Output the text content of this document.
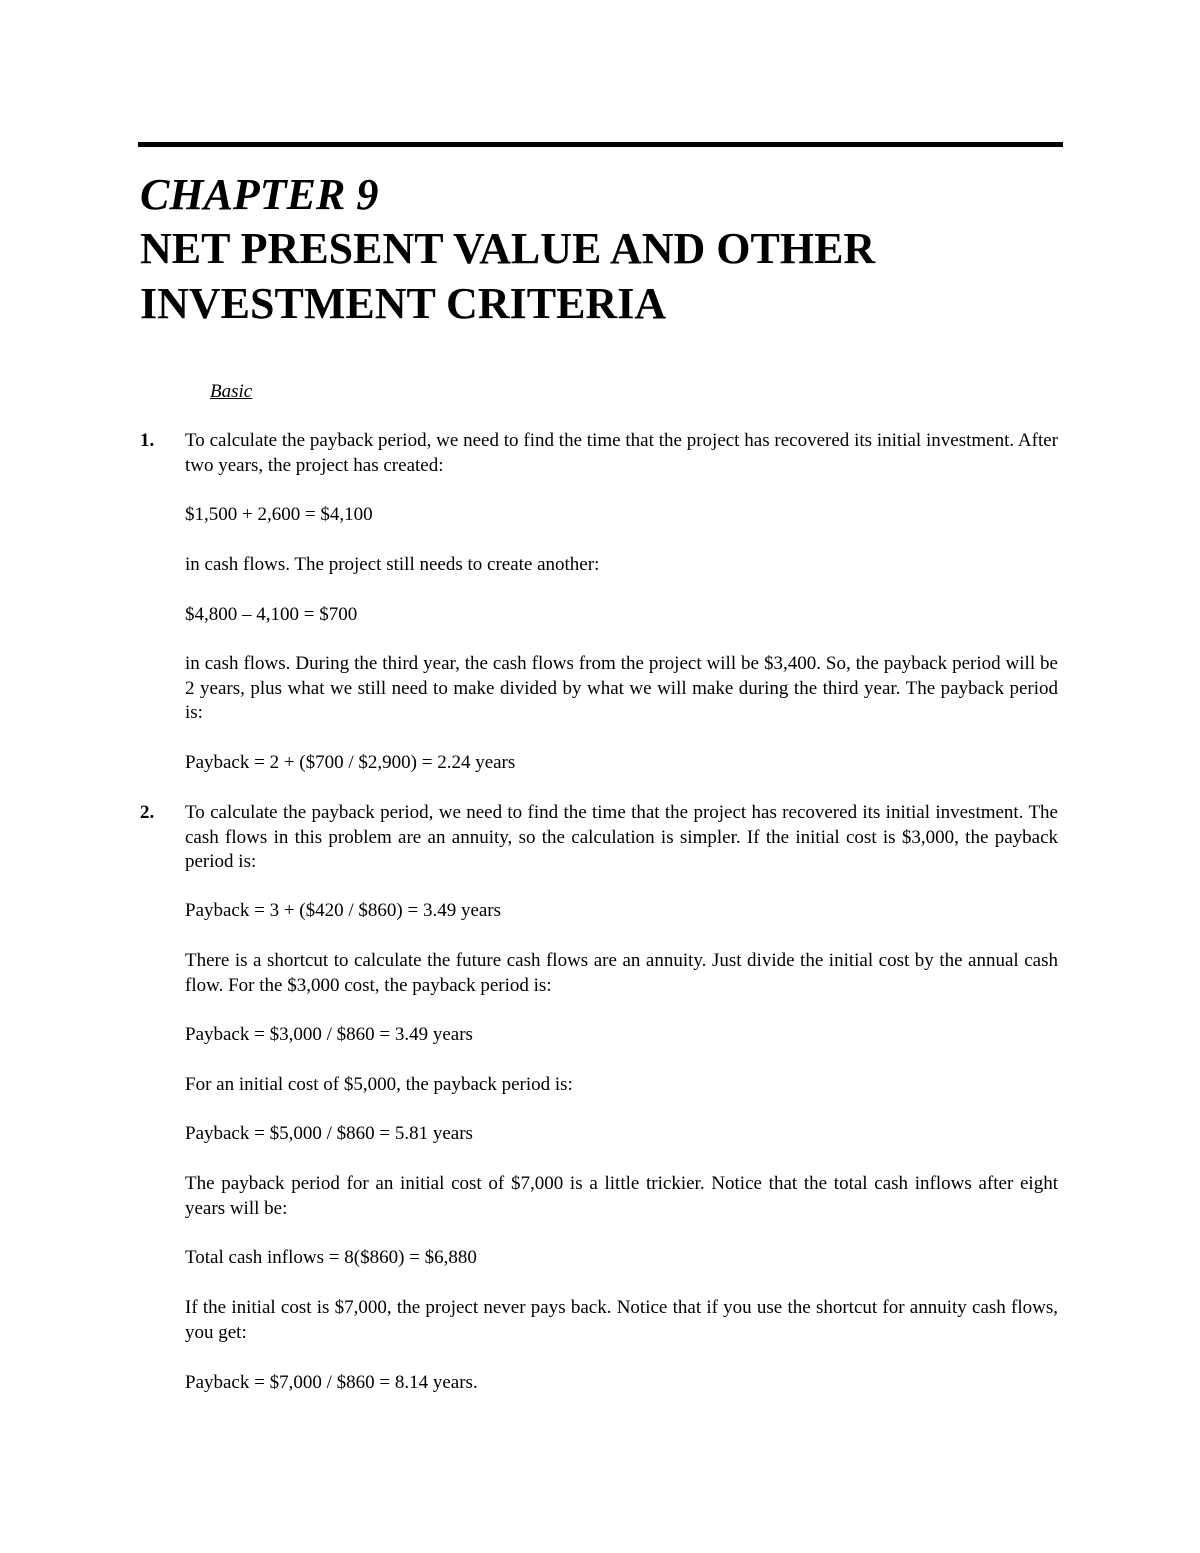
CHAPTER 9
NET PRESENT VALUE AND OTHER
INVESTMENT CRITERIA
Basic
1. To calculate the payback period, we need to find the time that the project has recovered its initial investment. After two years, the project has created:
$1,500 + 2,600 = $4,100
in cash flows. The project still needs to create another:
$4,800 – 4,100 = $700
in cash flows. During the third year, the cash flows from the project will be $3,400. So, the payback period will be 2 years, plus what we still need to make divided by what we will make during the third year. The payback period is:
Payback = 2 + ($700 / $2,900) = 2.24 years
2. To calculate the payback period, we need to find the time that the project has recovered its initial investment. The cash flows in this problem are an annuity, so the calculation is simpler. If the initial cost is $3,000, the payback period is:
Payback = 3 + ($420 / $860) = 3.49 years
There is a shortcut to calculate the future cash flows are an annuity. Just divide the initial cost by the annual cash flow. For the $3,000 cost, the payback period is:
Payback = $3,000 / $860 = 3.49 years
For an initial cost of $5,000, the payback period is:
Payback = $5,000 / $860 = 5.81 years
The payback period for an initial cost of $7,000 is a little trickier. Notice that the total cash inflows after eight years will be:
Total cash inflows = 8($860) = $6,880
If the initial cost is $7,000, the project never pays back. Notice that if you use the shortcut for annuity cash flows, you get:
Payback = $7,000 / $860 = 8.14 years.
